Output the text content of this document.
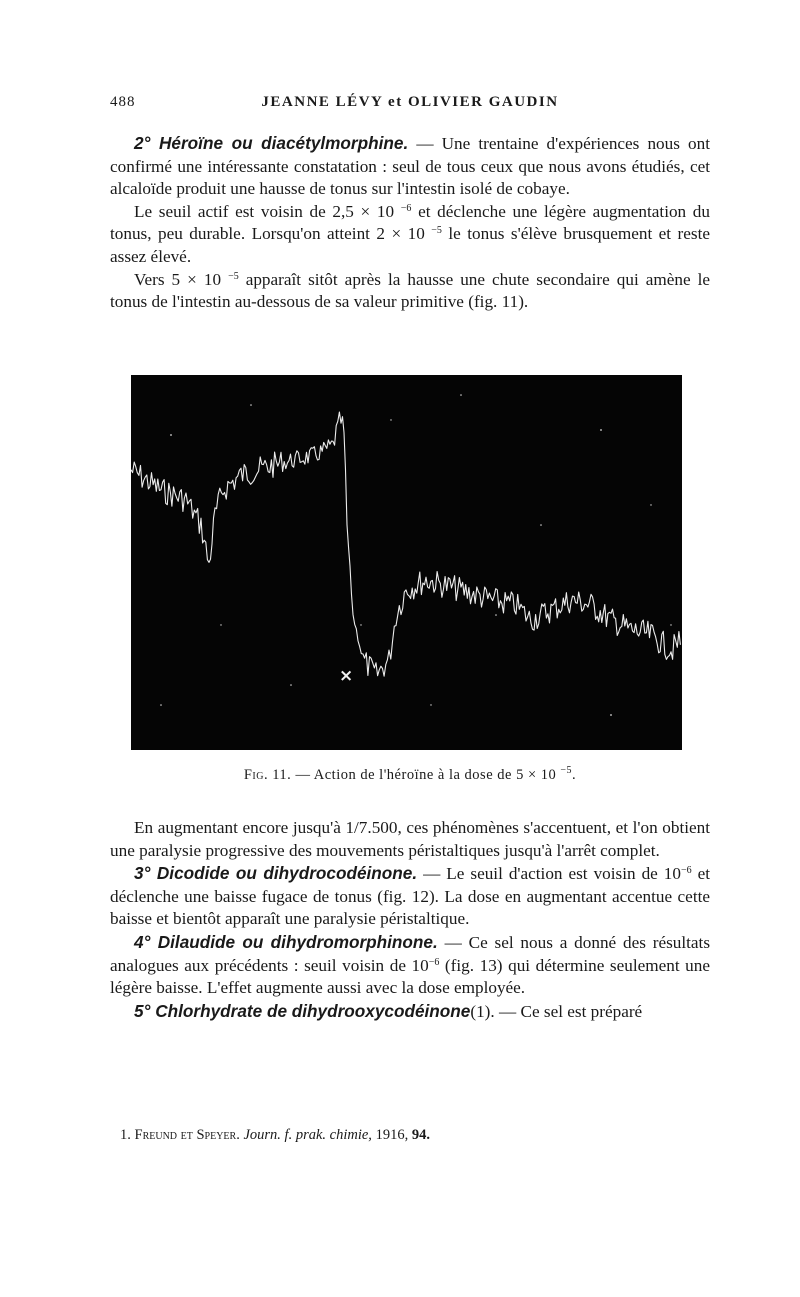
488	JEANNE LÉVY et OLIVIER GAUDIN

2° Héroïne ou diacétylmorphine. — Une trentaine d'expériences nous ont confirmé une intéressante constatation : seul de tous ceux que nous avons étudiés, cet alcaloïde produit une hausse de tonus sur l'intestin isolé de cobaye.

Le seuil actif est voisin de 2,5 × 10 $^{-6}$ et déclenche une légère augmentation du tonus, peu durable. Lorsqu'on atteint 2 × 10 $^{-5}$ le tonus s'élève brusquement et reste assez élevé.

Vers 5 × 10 $^{-5}$ apparaît sitôt après la hausse une chute secondaire qui amène le tonus de l'intestin au-dessous de sa valeur primitive (fig. 11).

×
Fig. 11. — Action de l'héroïne à la dose de 5 × 10 $^{-5}$.

En augmentant encore jusqu'à 1/7.500, ces phénomènes s'accentuent, et l'on obtient une paralysie progressive des mouvements péristaltiques jusqu'à l'arrêt complet.

3° Dicodide ou dihydrocodéinone. — Le seuil d'action est voisin de $10^{-6}$ et déclenche une baisse fugace de tonus (fig. 12). La dose en augmentant accentue cette baisse et bientôt apparaît une paralysie péristaltique.

4° Dilaudide ou dihydromorphinone. — Ce sel nous a donné des résultats analogues aux précédents : seuil voisin de $10^{-6}$ (fig. 13) qui détermine seulement une légère baisse. L'effet augmente aussi avec la dose employée.

5° Chlorhydrate de dihydrooxycodéinone(1). — Ce sel est préparé

1. Freund et Speyer. Journ. f. prak. chimie, 1916, 94.
